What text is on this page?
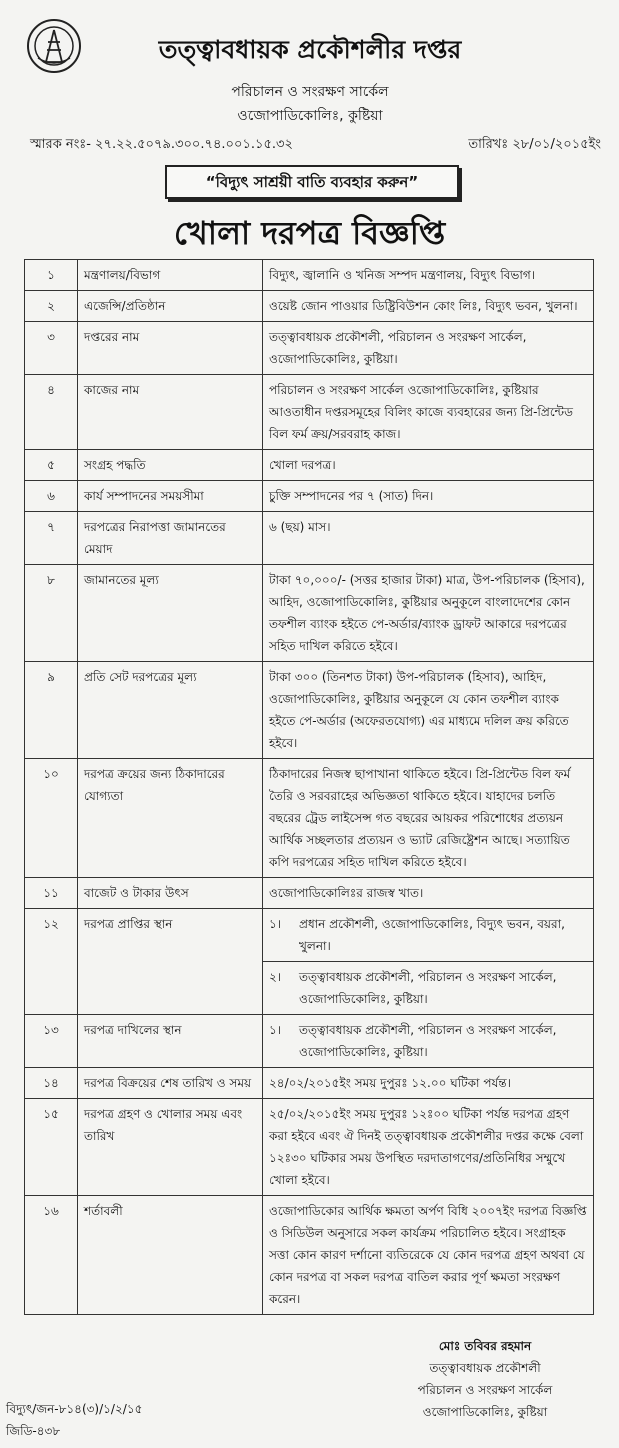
তত্ত্বাবধায়ক প্রকৌশলীর দপ্তর
পরিচালন ও সংরক্ষণ সার্কেল
ওজোপাডিকোলিঃ, কুষ্টিয়া
স্মারক নংঃ- ২৭.২২.৫০৭৯.৩০০.৭৪.০০১.১৫.৩২	তারিখঃ ২৮/০১/২০১৫ইং
“বিদ্যুৎ সাশ্রয়ী বাতি ব্যবহার করুন”
খোলা দরপত্র বিজ্ঞপ্তি
১	মন্ত্রণালয়/বিভাগ	বিদ্যুৎ, জ্বালানি ও খনিজ সম্পদ মন্ত্রণালয়, বিদ্যুৎ বিভাগ।
২	এজেন্সি/প্রতিষ্ঠান	ওয়েষ্ট জোন পাওয়ার ডিষ্ট্রিবিউশন কোং লিঃ, বিদ্যুৎ ভবন, খুলনা।
৩	দপ্তরের নাম	তত্ত্বাবধায়ক প্রকৌশলী, পরিচালন ও সংরক্ষণ সার্কেল, ওজোপাডিকোলিঃ, কুষ্টিয়া।
৪	কাজের নাম	পরিচালন ও সংরক্ষণ সার্কেল ওজোপাডিকোলিঃ, কুষ্টিয়ার আওতাধীন দপ্তরসমূহের বিলিং কাজে ব্যবহারের জন্য প্রি-প্রিন্টেড বিল ফর্ম ক্রয়/সরবরাহ কাজ।
৫	সংগ্রহ পদ্ধতি	খোলা দরপত্র।
৬	কার্য সম্পাদনের সময়সীমা	চুক্তি সম্পাদনের পর ৭ (সাত) দিন।
৭	দরপত্রের নিরাপত্তা জামানতের মেয়াদ	৬ (ছয়) মাস।
৮	জামানতের মূল্য	টাকা ৭০,০০০/- (সত্তর হাজার টাকা) মাত্র, উপ-পরিচালক (হিসাব), আহিদ, ওজোপাডিকোলিঃ, কুষ্টিয়ার অনুকূলে বাংলাদেশের কোন তফশীল ব্যাংক হইতে পে-অর্ডার/ব্যাংক ড্রাফট আকারে দরপত্রের সহিত দাখিল করিতে হইবে।
৯	প্রতি সেট দরপত্রের মূল্য	টাকা ৩০০ (তিনশত টাকা) উপ-পরিচালক (হিসাব), আহিদ, ওজোপাডিকোলিঃ, কুষ্টিয়ার অনুকূলে যে কোন তফশীল ব্যাংক হইতে পে-অর্ডার (অফেরতযোগ্য) এর মাধ্যমে দলিল ক্রয় করিতে হইবে।
১০	দরপত্র ক্রয়ের জন্য ঠিকাদারের যোগ্যতা	ঠিকাদারের নিজস্ব ছাপাখানা থাকিতে হইবে। প্রি-প্রিন্টেড বিল ফর্ম তৈরি ও সরবরাহের অভিজ্ঞতা থাকিতে হইবে। যাহাদের চলতি বছরের ট্রেড লাইসেন্স গত বছরের আয়কর পরিশোধের প্রত্যয়ন আর্থিক সচ্ছলতার প্রত্যয়ন ও ভ্যাট রেজিষ্ট্রেশন আছে। সত্যায়িত কপি দরপত্রের সহিত দাখিল করিতে হইবে।
১১	বাজেট ও টাকার উৎস	ওজোপাডিকোলিঃর রাজস্ব খাত।
১২	দরপত্র প্রাপ্তির স্থান		১।	প্রধান প্রকৌশলী, ওজোপাডিকোলিঃ, বিদ্যুৎ ভবন, বয়রা, খুলনা।

২।	তত্ত্বাবধায়ক প্রকৌশলী, পরিচালন ও সংরক্ষণ সার্কেল, ওজোপাডিকোলিঃ, কুষ্টিয়া।

১৩	দরপত্র দাখিলের স্থান		১।	তত্ত্বাবধায়ক প্রকৌশলী, পরিচালন ও সংরক্ষণ সার্কেল, ওজোপাডিকোলিঃ, কুষ্টিয়া।

১৪	দরপত্র বিক্রয়ের শেষ তারিখ ও সময়	২৪/০২/২০১৫ইং সময় দুপুরঃ ১২.০০ ঘটিকা পর্যন্ত।
১৫	দরপত্র গ্রহণ ও খোলার সময় এবং তারিখ	২৫/০২/২০১৫ইং সময় দুপুরঃ ১২ঃ০০ ঘটিকা পর্যন্ত দরপত্র গ্রহণ করা হইবে এবং ঐ দিনই তত্ত্বাবধায়ক প্রকৌশলীর দপ্তর কক্ষে বেলা ১২ঃ৩০ ঘটিকার সময় উপস্থিত দরদাতাগণের/প্রতিনিধির সম্মুখে খোলা হইবে।
১৬	শর্তাবলী	ওজোপাডিকোর আর্থিক ক্ষমতা অর্পণ বিধি ২০০৭ইং দরপত্র বিজ্ঞপ্তি ও সিডিউল অনুসারে সকল কার্যক্রম পরিচালিত হইবে। সংগ্রাহক সত্তা কোন কারণ দর্শানো ব্যতিরেকে যে কোন দরপত্র গ্রহণ অথবা যে কোন দরপত্র বা সকল দরপত্র বাতিল করার পূর্ণ ক্ষমতা সংরক্ষণ করেন।
মোঃ তবিবর রহমান
তত্ত্বাবধায়ক প্রকৌশলী
পরিচালন ও সংরক্ষণ সার্কেল
ওজোপাডিকোলিঃ, কুষ্টিয়া
বিদ্যুৎ/জন-৮১৪(৩)/১/২/১৫
জিডি-৪৩৮
